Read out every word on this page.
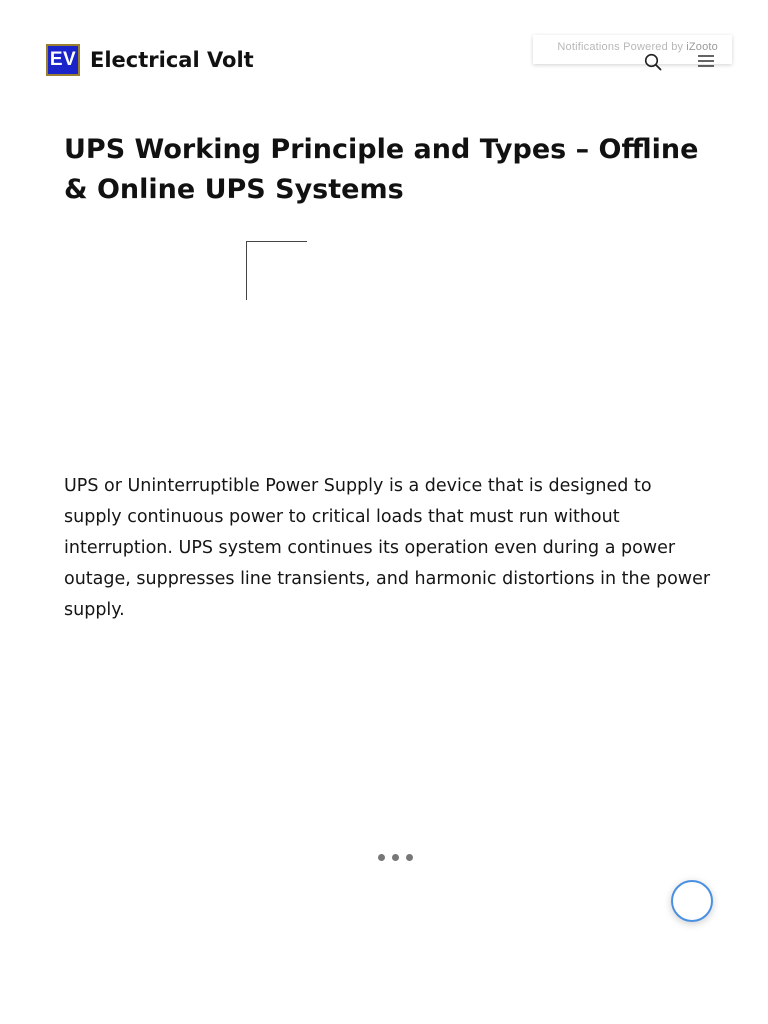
EV Electrical Volt
Notifications Powered by iZooto
UPS Working Principle and Types – Offline & Online UPS Systems

UPS or Uninterruptible Power Supply is a device that is designed to supply continuous power to critical loads that must run without interruption. UPS system continues its operation even during a power outage, suppresses line transients, and harmonic distortions in the power supply.
